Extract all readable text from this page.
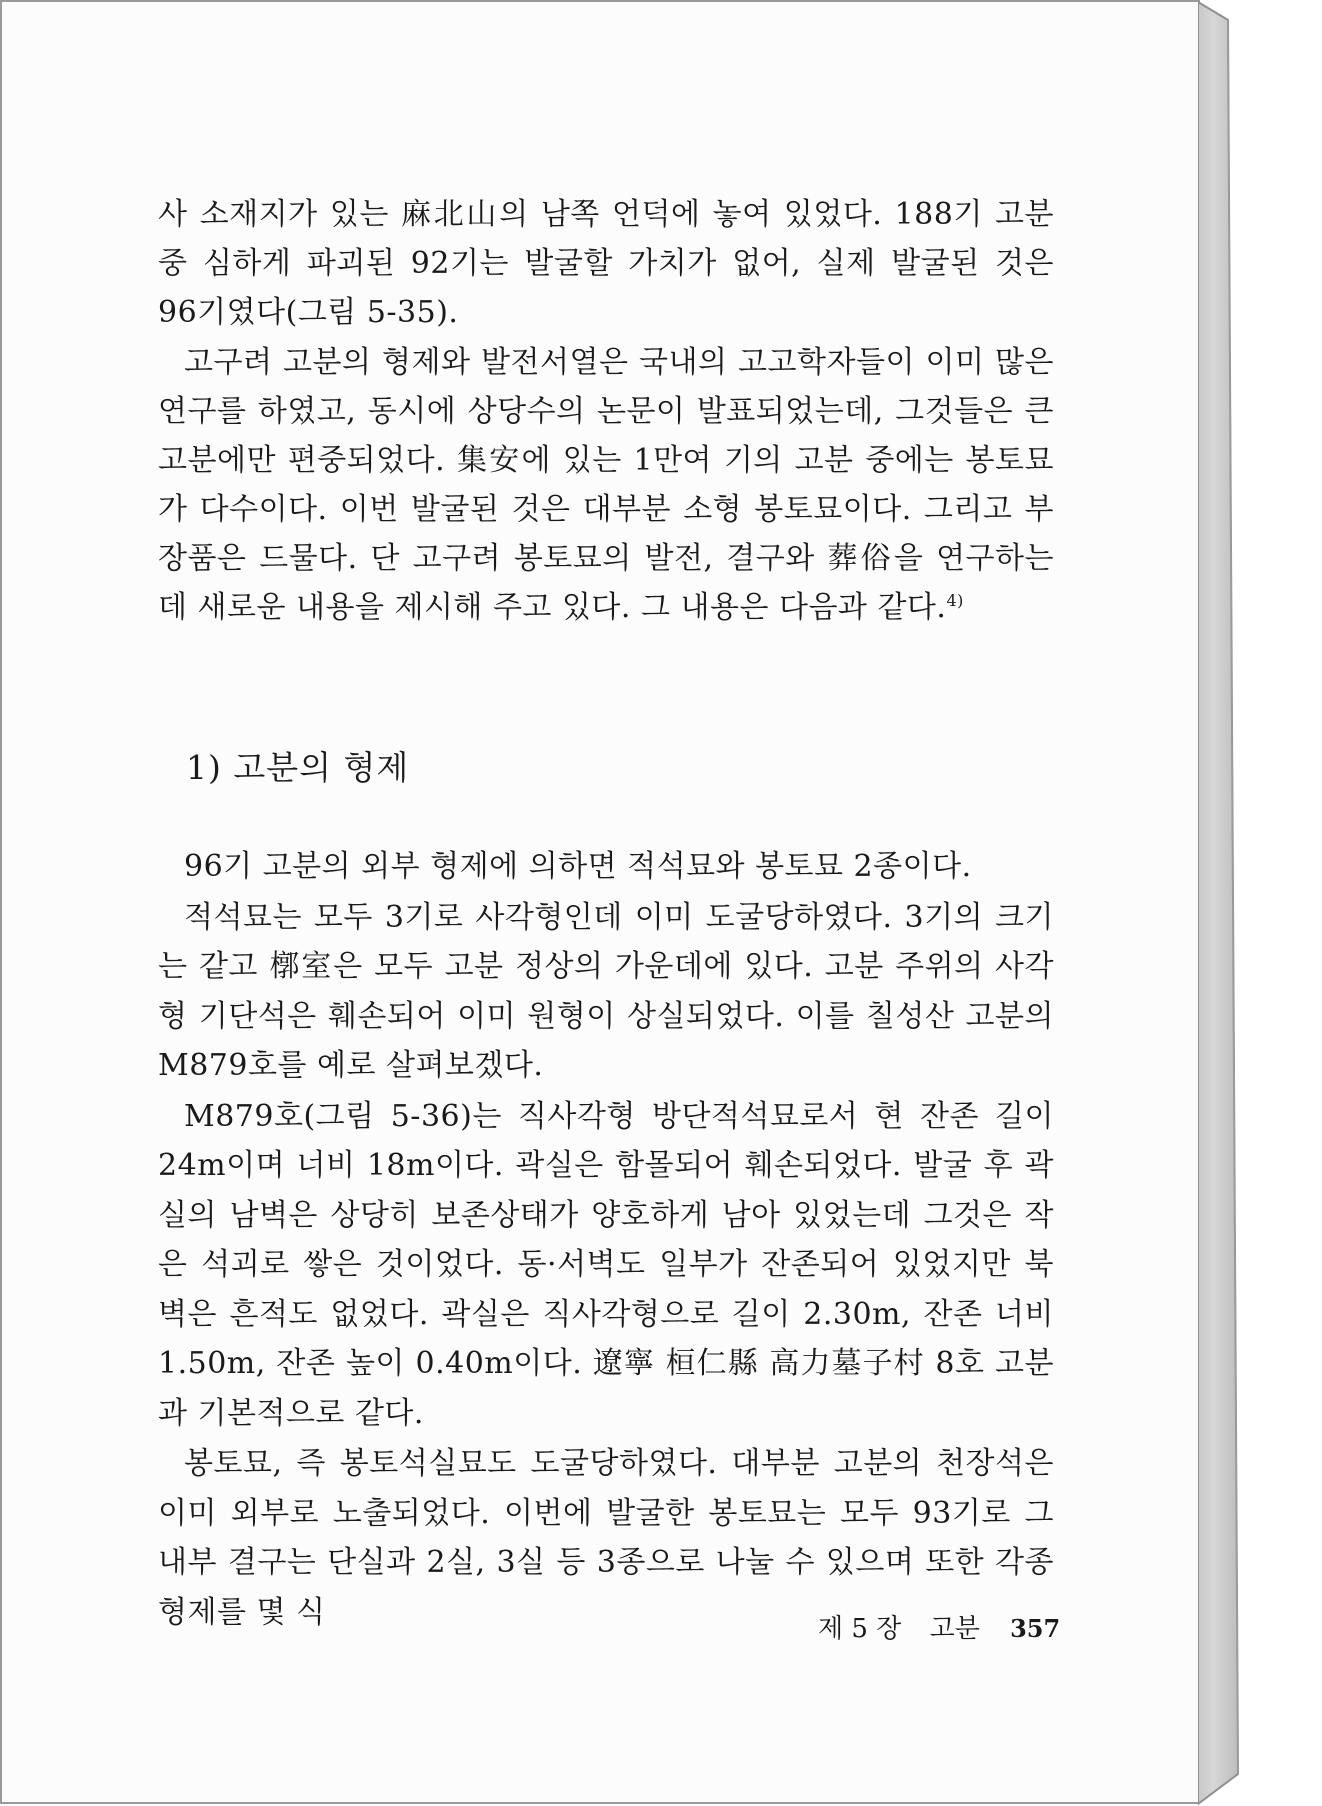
사 소재지가 있는 麻北山의 남쪽 언덕에 놓여 있었다. 188기 고분 중 심하게 파괴된 92기는 발굴할 가치가 없어, 실제 발굴된 것은 96기였다(그림 5-35).

고구려 고분의 형제와 발전서열은 국내의 고고학자들이 이미 많은 연구를 하였고, 동시에 상당수의 논문이 발표되었는데, 그것들은 큰 고분에만 편중되었다. 集安에 있는 1만여 기의 고분 중에는 봉토묘가 다수이다. 이번 발굴된 것은 대부분 소형 봉토묘이다. 그리고 부장품은 드물다. 단 고구려 봉토묘의 발전, 결구와 葬俗을 연구하는 데 새로운 내용을 제시해 주고 있다. 그 내용은 다음과 같다.$^{4)}$

1) 고분의 형제

96기 고분의 외부 형제에 의하면 적석묘와 봉토묘 2종이다.

적석묘는 모두 3기로 사각형인데 이미 도굴당하였다. 3기의 크기는 같고 槨室은 모두 고분 정상의 가운데에 있다. 고분 주위의 사각형 기단석은 훼손되어 이미 원형이 상실되었다. 이를 칠성산 고분의 M879호를 예로 살펴보겠다.

M879호(그림 5-36)는 직사각형 방단적석묘로서 현 잔존 길이 24m이며 너비 18m이다. 곽실은 함몰되어 훼손되었다. 발굴 후 곽실의 남벽은 상당히 보존상태가 양호하게 남아 있었는데 그것은 작은 석괴로 쌓은 것이었다. 동·서벽도 일부가 잔존되어 있었지만 북벽은 흔적도 없었다. 곽실은 직사각형으로 길이 2.30m, 잔존 너비 1.50m, 잔존 높이 0.40m이다. 遼寧 桓仁縣 高力墓子村 8호 고분과 기본적으로 같다.

봉토묘, 즉 봉토석실묘도 도굴당하였다. 대부분 고분의 천장석은 이미 외부로 노출되었다. 이번에 발굴한 봉토묘는 모두 93기로 그 내부 결구는 단실과 2실, 3실 등 3종으로 나눌 수 있으며 또한 각종 형제를 몇 식	제 5 장 고분 357
